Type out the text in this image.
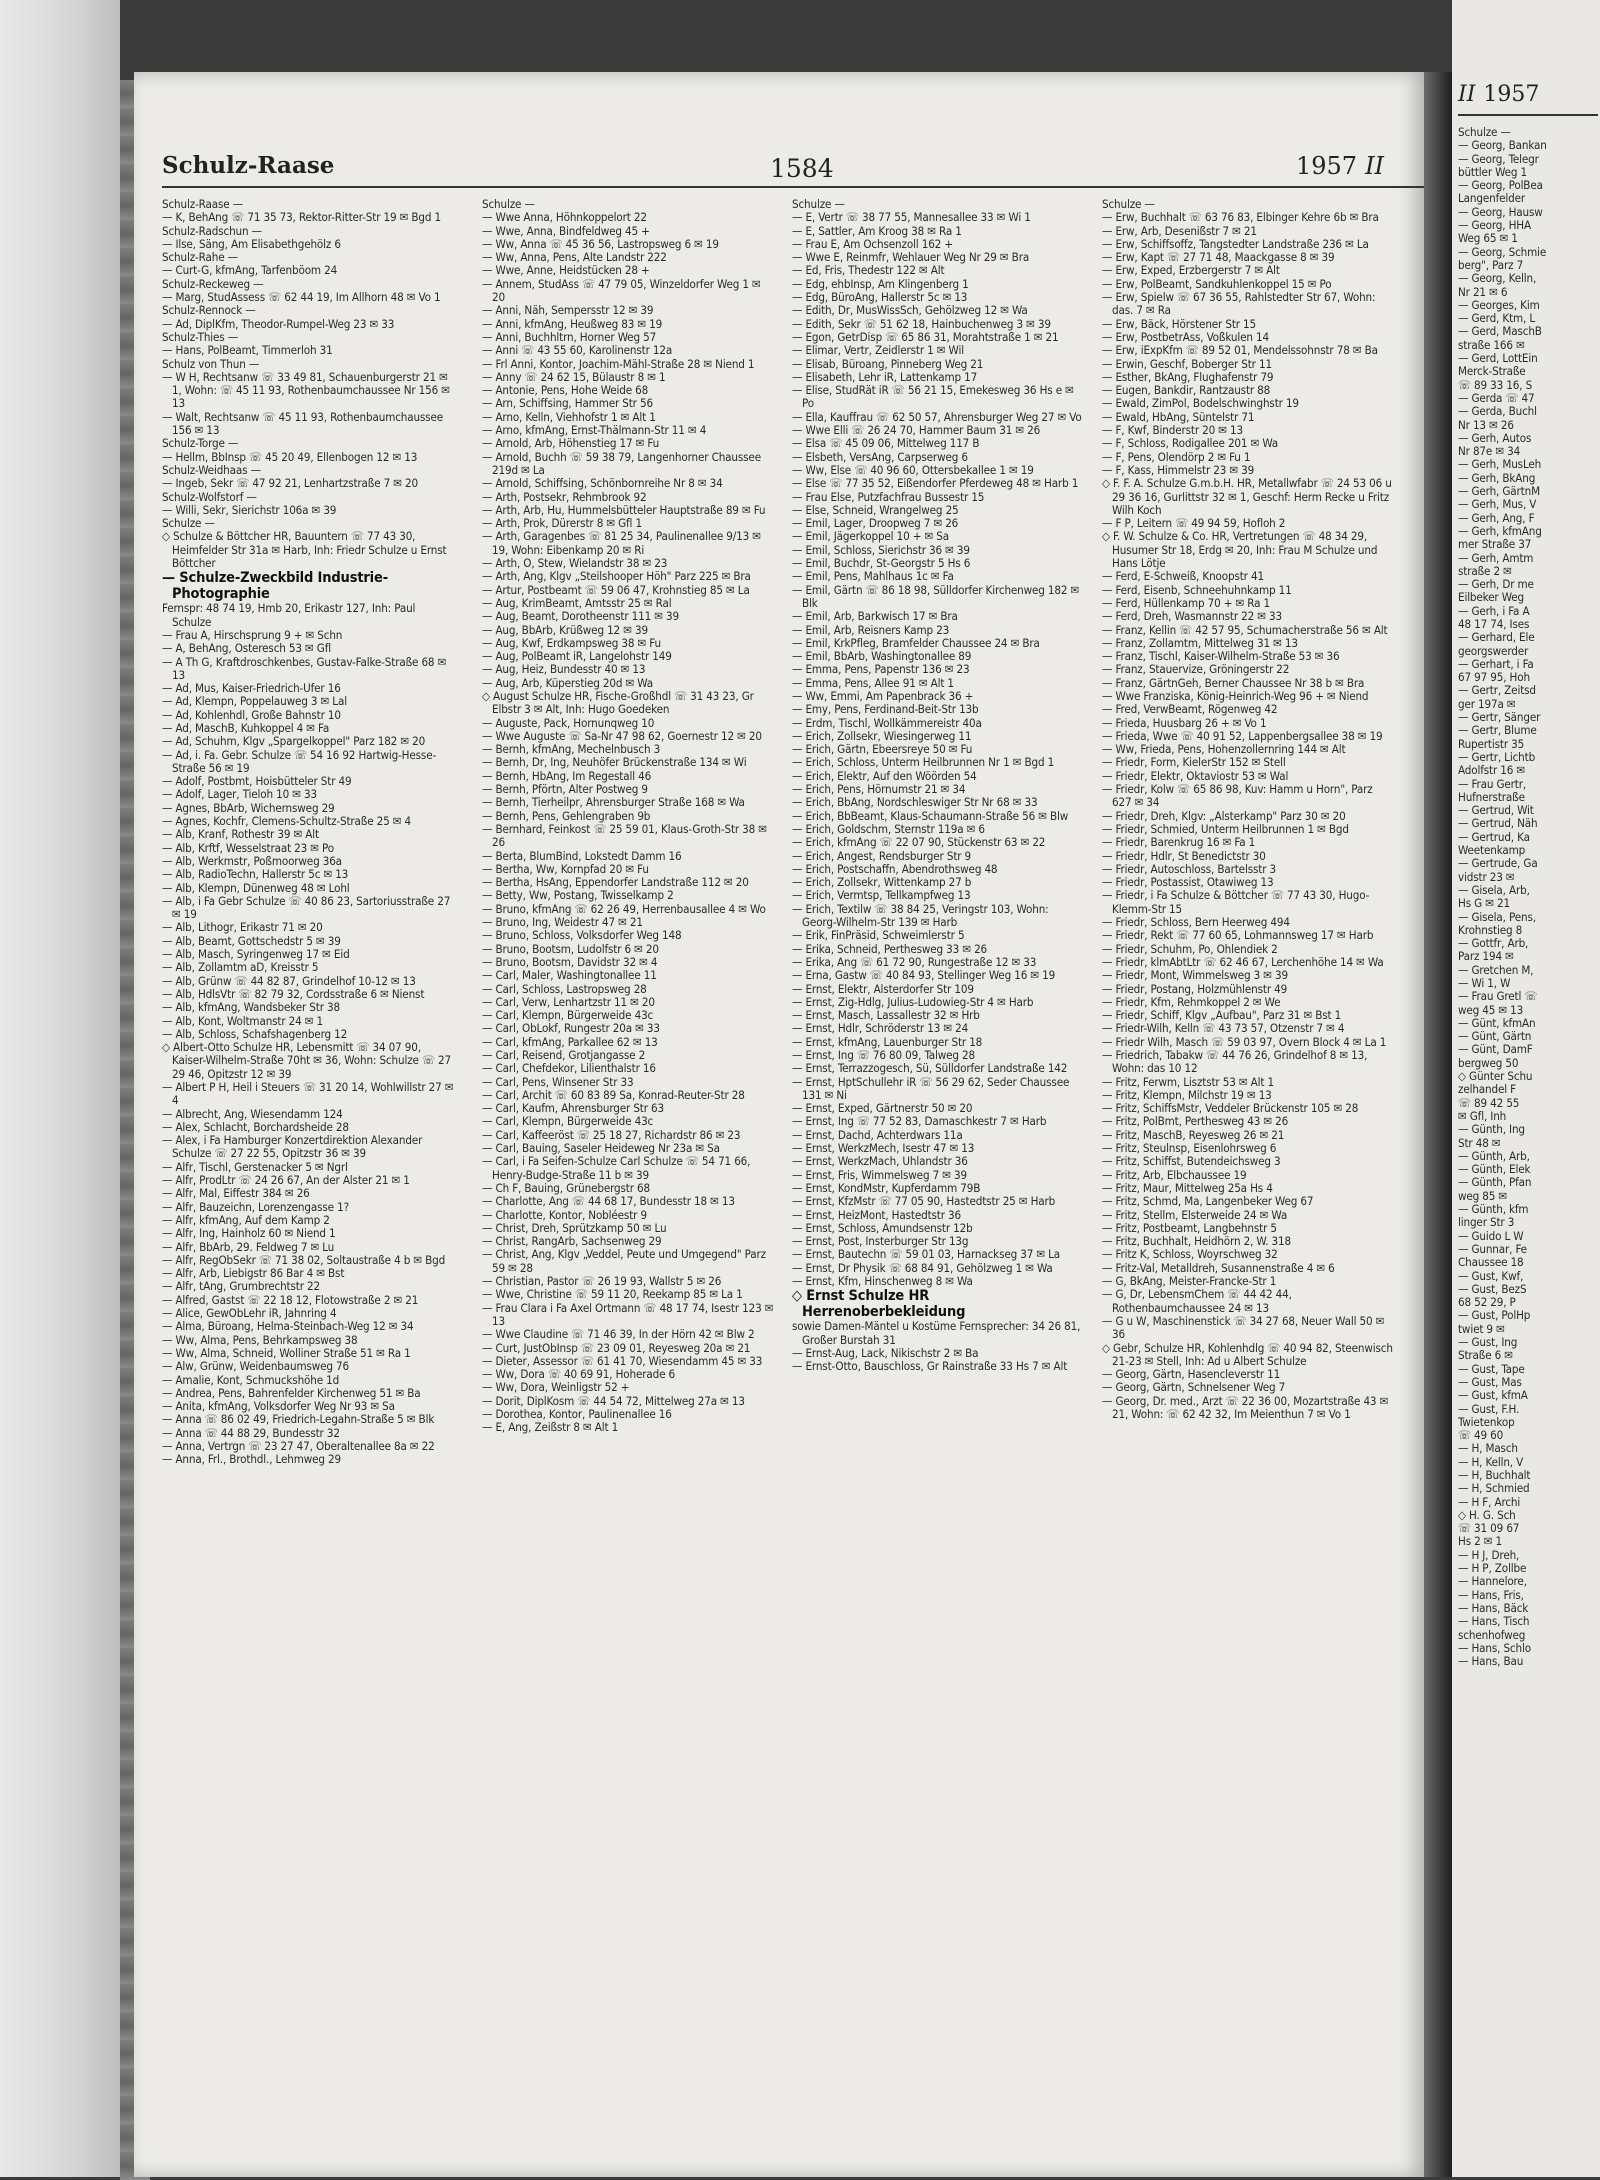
Schulz-Raase	1584	1957 II

Schulz-Raase —

— K, BehAng ☏ 71 35 73, Rektor-Ritter-Str 19 ✉ Bgd 1

Schulz-Radschun —

— Ilse, Säng, Am Elisabethgehölz 6

Schulz-Rahe —

— Curt-G, kfmAng, Tarfenböom 24

Schulz-Reckeweg —

— Marg, StudAssess ☏ 62 44 19, Im Allhorn 48 ✉ Vo 1

Schulz-Rennock —

— Ad, DiplKfm, Theodor-Rumpel-Weg 23 ✉ 33

Schulz-Thies —

— Hans, PolBeamt, Timmerloh 31

Schulz von Thun —

— W H, Rechtsanw ☏ 33 49 81, Schauenburgerstr 21 ✉ 1, Wohn: ☏ 45 11 93, Rothenbaumchaussee Nr 156 ✉ 13

— Walt, Rechtsanw ☏ 45 11 93, Rothenbaumchaussee 156 ✉ 13

Schulz-Torge —

— Hellm, BbInsp ☏ 45 20 49, Ellenbogen 12 ✉ 13

Schulz-Weidhaas —

— Ingeb, Sekr ☏ 47 92 21, Lenhartzstraße 7 ✉ 20

Schulz-Wolfstorf —

— Willi, Sekr, Sierichstr 106a ✉ 39

Schulze —

◇ Schulze & Böttcher HR, Bauuntern ☏ 77 43 30, Heimfelder Str 31a ✉ Harb, Inh: Friedr Schulze u Ernst Böttcher

— Schulze-Zweckbild Industrie-Photographie

Fernspr: 48 74 19, Hmb 20, Erikastr 127, Inh: Paul Schulze

— Frau A, Hirschsprung 9 + ✉ Schn

— A, BehAng, Osteresch 53 ✉ Gfl

— A Th G, Kraftdroschkenbes, Gustav-Falke-Straße 68 ✉ 13

— Ad, Mus, Kaiser-Friedrich-Ufer 16

— Ad, Klempn, Poppelauweg 3 ✉ Lal

— Ad, Kohlenhdl, Große Bahnstr 10

— Ad, MaschB, Kuhkoppel 4 ✉ Fa

— Ad, Schuhm, Klgv „Spargelkoppel" Parz 182 ✉ 20

— Ad, i. Fa. Gebr. Schulze ☏ 54 16 92 Hartwig-Hesse-Straße 56 ✉ 19

— Adolf, Postbmt, Hoisbütteler Str 49

— Adolf, Lager, Tieloh 10 ✉ 33

— Agnes, BbArb, Wichernsweg 29

— Agnes, Kochfr, Clemens-Schultz-Straße 25 ✉ 4

— Alb, Kranf, Rothestr 39 ✉ Alt

— Alb, Krftf, Wesselstraat 23 ✉ Po

— Alb, Werkmstr, Poßmoorweg 36a

— Alb, RadioTechn, Hallerstr 5c ✉ 13

— Alb, Klempn, Dünenweg 48 ✉ Lohl

— Alb, i Fa Gebr Schulze ☏ 40 86 23, Sartoriusstraße 27 ✉ 19

— Alb, Lithogr, Erikastr 71 ✉ 20

— Alb, Beamt, Gottschedstr 5 ✉ 39

— Alb, Masch, Syringenweg 17 ✉ Eid

— Alb, Zollamtm aD, Kreisstr 5

— Alb, Grünw ☏ 44 82 87, Grindelhof 10-12 ✉ 13

— Alb, HdlsVtr ☏ 82 79 32, Cordsstraße 6 ✉ Nienst

— Alb, kfmAng, Wandsbeker Str 38

— Alb, Kont, Woltmanstr 24 ✉ 1

— Alb, Schloss, Schafshagenberg 12

◇ Albert-Otto Schulze HR, Lebensmitt ☏ 34 07 90, Kaiser-Wilhelm-Straße 70ht ✉ 36, Wohn: Schulze ☏ 27 29 46, Opitzstr 12 ✉ 39

— Albert P H, Heil i Steuers ☏ 31 20 14, Wohlwillstr 27 ✉ 4

— Albrecht, Ang, Wiesendamm 124

— Alex, Schlacht, Borchardsheide 28

— Alex, i Fa Hamburger Konzertdirektion Alexander Schulze ☏ 27 22 55, Opitzstr 36 ✉ 39

— Alfr, Tischl, Gerstenacker 5 ✉ Ngrl

— Alfr, ProdLtr ☏ 24 26 67, An der Alster 21 ✉ 1

— Alfr, Mal, Eiffestr 384 ✉ 26

— Alfr, Bauzeichn, Lorenzengasse 1?

— Alfr, kfmAng, Auf dem Kamp 2

— Alfr, Ing, Hainholz 60 ✉ Niend 1

— Alfr, BbArb, 29. Feldweg 7 ✉ Lu

— Alfr, RegObSekr ☏ 71 38 02, Soltaustraße 4 b ✉ Bgd

— Alfr, Arb, Liebigstr 86 Bar 4 ✉ Bst

— Alfr, tAng, Grumbrechtstr 22

— Alfred, Gastst ☏ 22 18 12, Flotowstraße 2 ✉ 21

— Alice, GewObLehr iR, Jahnring 4

— Alma, Büroang, Helma-Steinbach-Weg 12 ✉ 34

— Ww, Alma, Pens, Behrkampsweg 38

— Ww, Alma, Schneid, Wolliner Straße 51 ✉ Ra 1

— Alw, Grünw, Weidenbaumsweg 76

— Amalie, Kont, Schmuckshöhe 1d

— Andrea, Pens, Bahrenfelder Kirchenweg 51 ✉ Ba

— Anita, kfmAng, Volksdorfer Weg Nr 93 ✉ Sa

— Anna ☏ 86 02 49, Friedrich-Legahn-Straße 5 ✉ Blk

— Anna ☏ 44 88 29, Bundesstr 32

— Anna, Vertrgn ☏ 23 27 47, Oberaltenallee 8a ✉ 22

— Anna, Frl., Brothdl., Lehmweg 29

Schulze —

— Wwe Anna, Höhnkoppelort 22

— Wwe, Anna, Bindfeldweg 45 +

— Ww, Anna ☏ 45 36 56, Lastropsweg 6 ✉ 19

— Ww, Anna, Pens, Alte Landstr 222

— Wwe, Anne, Heidstücken 28 +

— Annem, StudAss ☏ 47 79 05, Winzeldorfer Weg 1 ✉ 20

— Anni, Näh, Sempersstr 12 ✉ 39

— Anni, kfmAng, Heußweg 83 ✉ 19

— Anni, Buchhltrn, Horner Weg 57

— Anni ☏ 43 55 60, Karolinenstr 12a

— Frl Anni, Kontor, Joachim-Mähl-Straße 28 ✉ Niend 1

— Anny ☏ 24 62 15, Bülaustr 8 ✉ 1

— Antonie, Pens, Hohe Weide 68

— Arn, Schiffsing, Hammer Str 56

— Arno, Kelln, Viehhofstr 1 ✉ Alt 1

— Arno, kfmAng, Ernst-Thälmann-Str 11 ✉ 4

— Arnold, Arb, Höhenstieg 17 ✉ Fu

— Arnold, Buchh ☏ 59 38 79, Langenhorner Chaussee 219d ✉ La

— Arnold, Schiffsing, Schönbornreihe Nr 8 ✉ 34

— Arth, Postsekr, Rehmbrook 92

— Arth, Arb, Hu, Hummelsbütteler Hauptstraße 89 ✉ Fu

— Arth, Prok, Dürerstr 8 ✉ Gfl 1

— Arth, Garagenbes ☏ 81 25 34, Paulinenallee 9/13 ✉ 19, Wohn: Eibenkamp 20 ✉ Ri

— Arth, O, Stew, Wielandstr 38 ✉ 23

— Arth, Ang, Klgv „Steilshooper Höh" Parz 225 ✉ Bra

— Artur, Postbeamt ☏ 59 06 47, Krohnstieg 85 ✉ La

— Aug, KrimBeamt, Amtsstr 25 ✉ Ral

— Aug, Beamt, Dorotheenstr 111 ✉ 39

— Aug, BbArb, Krüßweg 12 ✉ 39

— Aug, Kwf, Erdkampsweg 38 ✉ Fu

— Aug, PolBeamt iR, Langelohstr 149

— Aug, Heiz, Bundesstr 40 ✉ 13

— Aug, Arb, Küperstieg 20d ✉ Wa

◇ August Schulze HR, Fische-Großhdl ☏ 31 43 23, Gr Elbstr 3 ✉ Alt, Inh: Hugo Goedeken

— Auguste, Pack, Hornunqweg 10

— Wwe Auguste ☏ Sa-Nr 47 98 62, Goernestr 12 ✉ 20

— Bernh, kfmAng, Mechelnbusch 3

— Bernh, Dr, Ing, Neuhöfer Brückenstraße 134 ✉ Wi

— Bernh, HbAng, Im Regestall 46

— Bernh, Pförtn, Alter Postweg 9

— Bernh, Tierheilpr, Ahrensburger Straße 168 ✉ Wa

— Bernh, Pens, Gehlengraben 9b

— Bernhard, Feinkost ☏ 25 59 01, Klaus-Groth-Str 38 ✉ 26

— Berta, BlumBind, Lokstedt Damm 16

— Bertha, Ww, Kornpfad 20 ✉ Fu

— Bertha, HsAng, Eppendorfer Landstraße 112 ✉ 20

— Betty, Ww, Postang, Twisselkamp 2

— Bruno, kfmAng ☏ 62 26 49, Herrenbausallee 4 ✉ Wo

— Bruno, Ing, Weidestr 47 ✉ 21

— Bruno, Schloss, Volksdorfer Weg 148

— Bruno, Bootsm, Ludolfstr 6 ✉ 20

— Bruno, Bootsm, Davidstr 32 ✉ 4

— Carl, Maler, Washingtonallee 11

— Carl, Schloss, Lastropsweg 28

— Carl, Verw, Lenhartzstr 11 ✉ 20

— Carl, Klempn, Bürgerweide 43c

— Carl, ObLokf, Rungestr 20a ✉ 33

— Carl, kfmAng, Parkallee 62 ✉ 13

— Carl, Reisend, Grotjangasse 2

— Carl, Chefdekor, Lilienthalstr 16

— Carl, Pens, Winsener Str 33

— Carl, Archit ☏ 60 83 89 Sa, Konrad-Reuter-Str 28

— Carl, Kaufm, Ahrensburger Str 63

— Carl, Klempn, Bürgerweide 43c

— Carl, Kaffeeröst ☏ 25 18 27, Richardstr 86 ✉ 23

— Carl, Bauing, Saseler Heideweg Nr 23a ✉ Sa

— Carl, i Fa Seifen-Schulze Carl Schulze ☏ 54 71 66, Henry-Budge-Straße 11 b ✉ 39

— Ch F, Bauing, Grünebergstr 68

— Charlotte, Ang ☏ 44 68 17, Bundesstr 18 ✉ 13

— Charlotte, Kontor, Nobléestr 9

— Christ, Dreh, Sprützkamp 50 ✉ Lu

— Christ, RangArb, Sachsenweg 29

— Christ, Ang, Klgv „Veddel, Peute und Umgegend" Parz 59 ✉ 28

— Christian, Pastor ☏ 26 19 93, Wallstr 5 ✉ 26

— Wwe, Christine ☏ 59 11 20, Reekamp 85 ✉ La 1

— Frau Clara i Fa Axel Ortmann ☏ 48 17 74, Isestr 123 ✉ 13

— Wwe Claudine ☏ 71 46 39, In der Hörn 42 ✉ Blw 2

— Curt, JustObInsp ☏ 23 09 01, Reyesweg 20a ✉ 21

— Dieter, Assessor ☏ 61 41 70, Wiesendamm 45 ✉ 33

— Ww, Dora ☏ 40 69 91, Hoherade 6

— Ww, Dora, Weinligstr 52 +

— Dorit, DiplKosm ☏ 44 54 72, Mittelweg 27a ✉ 13

— Dorothea, Kontor, Paulinenallee 16

— E, Ang, Zeißstr 8 ✉ Alt 1

Schulze —

— E, Vertr ☏ 38 77 55, Mannesallee 33 ✉ Wi 1

— E, Sattler, Am Kroog 38 ✉ Ra 1

— Frau E, Am Ochsenzoll 162 +

— Wwe E, Reinmfr, Wehlauer Weg Nr 29 ✉ Bra

— Ed, Fris, Thedestr 122 ✉ Alt

— Edg, ehbInsp, Am Klingenberg 1

— Edg, BüroAng, Hallerstr 5c ✉ 13

— Edith, Dr, MusWissSch, Gehölzweg 12 ✉ Wa

— Edith, Sekr ☏ 51 62 18, Hainbuchenweg 3 ✉ 39

— Egon, GetrDisp ☏ 65 86 31, Morahtstraße 1 ✉ 21

— Elimar, Vertr, Zeidlerstr 1 ✉ Wil

— Elisab, Büroang, Pinneberg Weg 21

— Elisabeth, Lehr iR, Lattenkamp 17

— Elise, StudRät iR ☏ 56 21 15, Emekesweg 36 Hs e ✉ Po

— Ella, Kauffrau ☏ 62 50 57, Ahrensburger Weg 27 ✉ Vo

— Wwe Elli ☏ 26 24 70, Hammer Baum 31 ✉ 26

— Elsa ☏ 45 09 06, Mittelweg 117 B

— Elsbeth, VersAng, Carpserweg 6

— Ww, Else ☏ 40 96 60, Ottersbekallee 1 ✉ 19

— Else ☏ 77 35 52, Eißendorfer Pferdeweg 48 ✉ Harb 1

— Frau Else, Putzfachfrau Bussestr 15

— Else, Schneid, Wrangelweg 25

— Emil, Lager, Droopweg 7 ✉ 26

— Emil, Jägerkoppel 10 + ✉ Sa

— Emil, Schloss, Sierichstr 36 ✉ 39

— Emil, Buchdr, St-Georgstr 5 Hs 6

— Emil, Pens, Mahlhaus 1c ✉ Fa

— Emil, Gärtn ☏ 86 18 98, Sülldorfer Kirchenweg 182 ✉ Blk

— Emil, Arb, Barkwisch 17 ✉ Bra

— Emil, Arb, Reisners Kamp 23

— Emil, KrkPfleg, Bramfelder Chaussee 24 ✉ Bra

— Emil, BbArb, Washingtonallee 89

— Emma, Pens, Papenstr 136 ✉ 23

— Emma, Pens, Allee 91 ✉ Alt 1

— Ww, Emmi, Am Papenbrack 36 +

— Emy, Pens, Ferdinand-Beit-Str 13b

— Erdm, Tischl, Wollkämmereistr 40a

— Erich, Zollsekr, Wiesingerweg 11

— Erich, Gärtn, Ebeersreye 50 ✉ Fu

— Erich, Schloss, Unterm Heilbrunnen Nr 1 ✉ Bgd 1

— Erich, Elektr, Auf den Wöörden 54

— Erich, Pens, Hörnumstr 21 ✉ 34

— Erich, BbAng, Nordschleswiger Str Nr 68 ✉ 33

— Erich, BbBeamt, Klaus-Schaumann-Straße 56 ✉ Blw

— Erich, Goldschm, Sternstr 119a ✉ 6

— Erich, kfmAng ☏ 22 07 90, Stückenstr 63 ✉ 22

— Erich, Angest, Rendsburger Str 9

— Erich, Postschaffn, Abendrothsweg 48

— Erich, Zollsekr, Wittenkamp 27 b

— Erich, Vermtsp, Tellkampfweg 13

— Erich, Textilw ☏ 38 84 25, Veringstr 103, Wohn: Georg-Wilhelm-Str 139 ✉ Harb

— Erik, FinPräsid, Schweimlerstr 5

— Erika, Schneid, Perthesweg 33 ✉ 26

— Erika, Ang ☏ 61 72 90, Rungestraße 12 ✉ 33

— Erna, Gastw ☏ 40 84 93, Stellinger Weg 16 ✉ 19

— Ernst, Elektr, Alsterdorfer Str 109

— Ernst, Zig-Hdlg, Julius-Ludowieg-Str 4 ✉ Harb

— Ernst, Masch, Lassallestr 32 ✉ Hrb

— Ernst, Hdlr, Schröderstr 13 ✉ 24

— Ernst, kfmAng, Lauenburger Str 18

— Ernst, Ing ☏ 76 80 09, Talweg 28

— Ernst, Terrazzogesch, Sü, Sülldorfer Landstraße 142

— Ernst, HptSchullehr iR ☏ 56 29 62, Seder Chaussee 131 ✉ Ni

— Ernst, Exped, Gärtnerstr 50 ✉ 20

— Ernst, Ing ☏ 77 52 83, Damaschkestr 7 ✉ Harb

— Ernst, Dachd, Achterdwars 11a

— Ernst, WerkzMech, Isestr 47 ✉ 13

— Ernst, WerkzMach, Uhlandstr 36

— Ernst, Fris, Wimmelsweg 7 ✉ 39

— Ernst, KondMstr, Kupferdamm 79B

— Ernst, KfzMstr ☏ 77 05 90, Hastedtstr 25 ✉ Harb

— Ernst, HeizMont, Hastedtstr 36

— Ernst, Schloss, Amundsenstr 12b

— Ernst, Post, Insterburger Str 13g

— Ernst, Bautechn ☏ 59 01 03, Harnackseg 37 ✉ La

— Ernst, Dr Physik ☏ 68 84 91, Gehölzweg 1 ✉ Wa

— Ernst, Kfm, Hinschenweg 8 ✉ Wa

◇ Ernst Schulze HR

Herrenoberbekleidung

sowie Damen-Mäntel u Kostüme Fernsprecher: 34 26 81, Großer Burstah 31

— Ernst-Aug, Lack, Nikischstr 2 ✉ Ba

— Ernst-Otto, Bauschloss, Gr Rainstraße 33 Hs 7 ✉ Alt

Schulze —

— Erw, Buchhalt ☏ 63 76 83, Elbinger Kehre 6b ✉ Bra

— Erw, Arb, Desenißstr 7 ✉ 21

— Erw, Schiffsoffz, Tangstedter Landstraße 236 ✉ La

— Erw, Kapt ☏ 27 71 48, Maackgasse 8 ✉ 39

— Erw, Exped, Erzbergerstr 7 ✉ Alt

— Erw, PolBeamt, Sandkuhlenkoppel 15 ✉ Po

— Erw, Spielw ☏ 67 36 55, Rahlstedter Str 67, Wohn: das. 7 ✉ Ra

— Erw, Bäck, Hörstener Str 15

— Erw, PostbetrAss, Voßkulen 14

— Erw, iExpKfm ☏ 89 52 01, Mendelssohnstr 78 ✉ Ba

— Erwin, Geschf, Boberger Str 11

— Esther, BkAng, Flughafenstr 79

— Eugen, Bankdir, Rantzaustr 88

— Ewald, ZimPol, Bodelschwinghstr 19

— Ewald, HbAng, Süntelstr 71

— F, Kwf, Binderstr 20 ✉ 13

— F, Schloss, Rodigallee 201 ✉ Wa

— F, Pens, Olendörp 2 ✉ Fu 1

— F, Kass, Himmelstr 23 ✉ 39

◇ F. F. A. Schulze G.m.b.H. HR, Metallwfabr ☏ 24 53 06 u 29 36 16, Gurlittstr 32 ✉ 1, Geschf: Herm Recke u Fritz Wilh Koch

— F P, Leitern ☏ 49 94 59, Hofloh 2

◇ F. W. Schulze & Co. HR, Vertretungen ☏ 48 34 29, Husumer Str 18, Erdg ✉ 20, Inh: Frau M Schulze und Hans Lötje

— Ferd, E-Schweiß, Knoopstr 41

— Ferd, Eisenb, Schneehuhnkamp 11

— Ferd, Hüllenkamp 70 + ✉ Ra 1

— Ferd, Dreh, Wasmannstr 22 ✉ 33

— Franz, Kellin ☏ 42 57 95, Schumacherstraße 56 ✉ Alt

— Franz, Zollamtm, Mittelweg 31 ✉ 13

— Franz, Tischl, Kaiser-Wilhelm-Straße 53 ✉ 36

— Franz, Stauervize, Gröningerstr 22

— Franz, GärtnGeh, Berner Chaussee Nr 38 b ✉ Bra

— Wwe Franziska, König-Heinrich-Weg 96 + ✉ Niend

— Fred, VerwBeamt, Rögenweg 42

— Frieda, Huusbarg 26 + ✉ Vo 1

— Frieda, Wwe ☏ 40 91 52, Lappenbergsallee 38 ✉ 19

— Ww, Frieda, Pens, Hohenzollernring 144 ✉ Alt

— Friedr, Form, KielerStr 152 ✉ Stell

— Friedr, Elektr, Oktaviostr 53 ✉ Wal

— Friedr, Kolw ☏ 65 86 98, Kuv: Hamm u Horn", Parz 627 ✉ 34

— Friedr, Dreh, Klgv: „Alsterkamp" Parz 30 ✉ 20

— Friedr, Schmied, Unterm Heilbrunnen 1 ✉ Bgd

— Friedr, Barenkrug 16 ✉ Fa 1

— Friedr, Hdlr, St Benedictstr 30

— Friedr, Autoschloss, Bartelsstr 3

— Friedr, Postassist, Otawiweg 13

— Friedr, i Fa Schulze & Böttcher ☏ 77 43 30, Hugo-Klemm-Str 15

— Friedr, Schloss, Bern Heerweg 494

— Friedr, Rekt ☏ 77 60 65, Lohmannsweg 17 ✉ Harb

— Friedr, Schuhm, Po, Ohlendiek 2

— Friedr, klmAbtLtr ☏ 62 46 67, Lerchenhöhe 14 ✉ Wa

— Friedr, Mont, Wimmelsweg 3 ✉ 39

— Friedr, Postang, Holzmühlenstr 49

— Friedr, Kfm, Rehmkoppel 2 ✉ We

— Friedr, Schiff, Klgv „Aufbau", Parz 31 ✉ Bst 1

— Friedr-Wilh, Kelln ☏ 43 73 57, Otzenstr 7 ✉ 4

— Friedr Wilh, Masch ☏ 59 03 97, Overn Block 4 ✉ La 1

— Friedrich, Tabakw ☏ 44 76 26, Grindelhof 8 ✉ 13, Wohn: das 10 12

— Fritz, Ferwm, Lisztstr 53 ✉ Alt 1

— Fritz, Klempn, Milchstr 19 ✉ 13

— Fritz, SchiffsMstr, Veddeler Brückenstr 105 ✉ 28

— Fritz, PolBmt, Perthesweg 43 ✉ 26

— Fritz, MaschB, Reyesweg 26 ✉ 21

— Fritz, Steulnsp, Eisenlohrsweg 6

— Fritz, Schiffst, Butendeichsweg 3

— Fritz, Arb, Elbchaussee 19

— Fritz, Maur, Mittelweg 25a Hs 4

— Fritz, Schmd, Ma, Langenbeker Weg 67

— Fritz, Stellm, Elsterweide 24 ✉ Wa

— Fritz, Postbeamt, Langbehnstr 5

— Fritz, Buchhalt, Heidhörn 2, W. 318

— Fritz K, Schloss, Woyrschweg 32

— Fritz-Val, Metalldreh, Susannenstraße 4 ✉ 6

— G, BkAng, Meister-Francke-Str 1

— G, Dr, LebensmChem ☏ 44 42 44, Rothenbaumchaussee 24 ✉ 13

— G u W, Maschinenstick ☏ 34 27 68, Neuer Wall 50 ✉ 36

◇ Gebr, Schulze HR, Kohlenhdlg ☏ 40 94 82, Steenwisch 21-23 ✉ Stell, Inh: Ad u Albert Schulze

— Georg, Gärtn, Hasencleverstr 11

— Georg, Gärtn, Schnelsener Weg 7

— Georg, Dr. med., Arzt ☏ 22 36 00, Mozartstraße 43 ✉ 21, Wohn: ☏ 62 42 32, Im Meienthun 7 ✉ Vo 1

II 1957

Schulze —

— Georg, Bankan

— Georg, Telegr

büttler Weg 1

— Georg, PolBea

Langenfelder

— Georg, Hausw

— Georg, HHA

Weg 65 ✉ 1

— Georg, Schmie

berg", Parz 7

— Georg, Kelln,

Nr 21 ✉ 6

— Georges, Kim

— Gerd, Ktm, L

— Gerd, MaschB

straße 166 ✉

— Gerd, LottEin

Merck-Straße

☏ 89 33 16, S

— Gerda ☏ 47

— Gerda, Buchl

Nr 13 ✉ 26

— Gerh, Autos

Nr 87e ✉ 34

— Gerh, MusLeh

— Gerh, BkAng

— Gerh, GärtnM

— Gerh, Mus, V

— Gerh, Ang, F

— Gerh, kfmAng

mer Straße 37

— Gerh, Amtm

straße 2 ✉

— Gerh, Dr me

Eilbeker Weg

— Gerh, i Fa A

48 17 74, Ises

— Gerhard, Ele

georgswerder

— Gerhart, i Fa

67 97 95, Hoh

— Gertr, Zeitsd

ger 197a ✉

— Gertr, Sänger

— Gertr, Blume

Rupertistr 35

— Gertr, Lichtb

Adolfstr 16 ✉

— Frau Gertr,

Hufnerstraße

— Gertrud, Wit

— Gertrud, Näh

— Gertrud, Ka

Weetenkamp

— Gertrude, Ga

vidstr 23 ✉

— Gisela, Arb,

Hs G ✉ 21

— Gisela, Pens,

Krohnstieg 8

— Gottfr, Arb,

Parz 194 ✉

— Gretchen M,

— Wi 1, W

— Frau Gretl ☏

weg 45 ✉ 13

— Günt, kfmAn

— Günt, Gärtn

— Günt, DamF

bergweg 50

◇ Günter Schu

zelhandel F

☏ 89 42 55

✉ Gfl, Inh

— Günth, Ing

Str 48 ✉

— Günth, Arb,

— Günth, Elek

— Günth, Pfan

weg 85 ✉

— Günth, kfm

linger Str 3

— Guido L W

— Gunnar, Fe

Chaussee 18

— Gust, Kwf,

— Gust, BezS

68 52 29, P

— Gust, PolHp

twiet 9 ✉

— Gust, Ing

Straße 6 ✉

— Gust, Tape

— Gust, Mas

— Gust, kfmA

— Gust, F.H.

Twietenkop

☏ 49 60

— H, Masch

— H, Kelln, V

— H, Buchhalt

— H, Schmied

— H F, Archi

◇ H. G. Sch

☏ 31 09 67

Hs 2 ✉ 1

— H J, Dreh,

— H P, Zollbe

— Hannelore,

— Hans, Fris,

— Hans, Bäck

— Hans, Tisch

schenhofweg

— Hans, Schlo

— Hans, Bau
